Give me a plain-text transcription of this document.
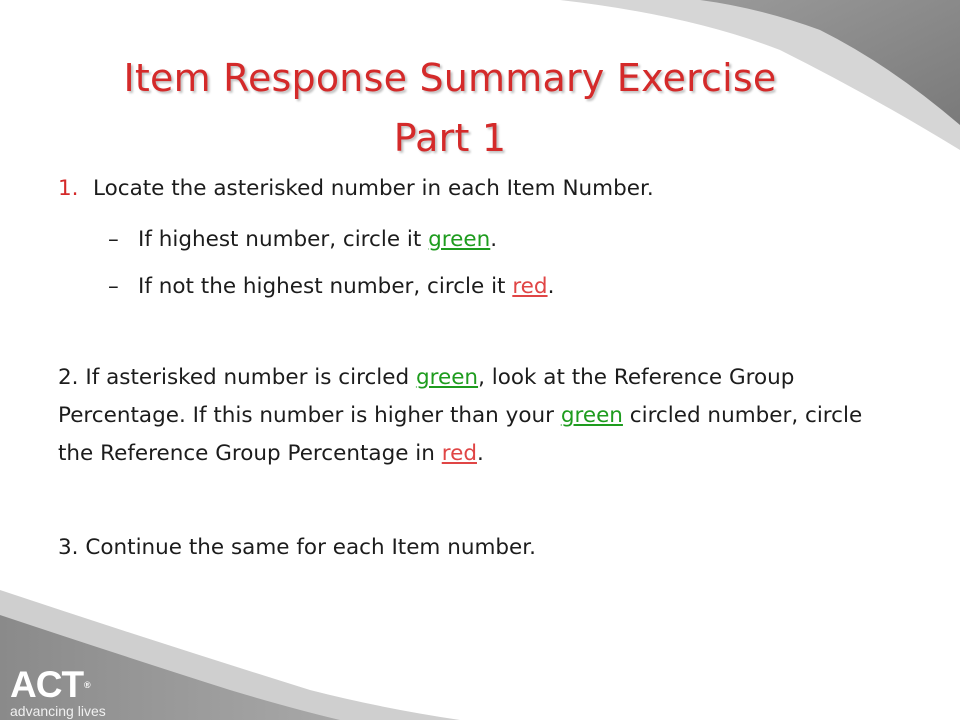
Item Response Summary Exercise
Part 1
1. Locate the asterisked number in each Item Number.
– If highest number, circle it green.
– If not the highest number, circle it red.
2. If asterisked number is circled green, look at the Reference Group Percentage. If this number is higher than your green circled number, circle the Reference Group Percentage in red.
3. Continue the same for each Item number.
ACT®
advancing lives
